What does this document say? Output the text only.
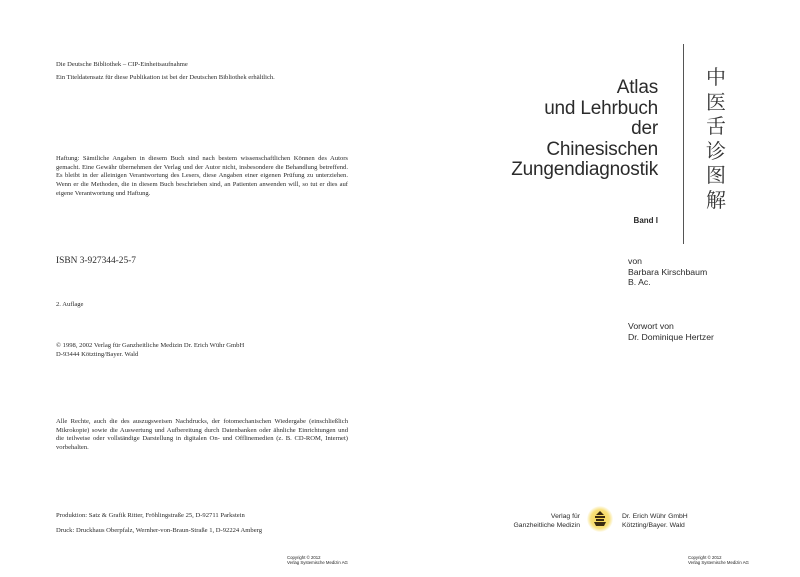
Die Deutsche Bibliothek – CIP-Einheitsaufnahme
Ein Titeldatensatz für diese Publikation ist bei der Deutschen Bibliothek erhältlich.
Haftung: Sämtliche Angaben in diesem Buch sind nach bestem wissenschaftlichen Können des Autors gemacht. Eine Gewähr übernehmen der Verlag und der Autor nicht, insbesondere die Behandlung betreffend. Es bleibt in der alleinigen Verantwortung des Lesers, diese Angaben einer eigenen Prüfung zu unterziehen. Wenn er die Methoden, die in diesem Buch beschrieben sind, an Patienten anwenden will, so tut er dies auf eigene Verantwortung und Haftung.
ISBN 3-927344-25-7
2. Auflage
© 1998, 2002 Verlag für Ganzheitliche Medizin Dr. Erich Wühr GmbH
D-93444 Kötzting/Bayer. Wald
Alle Rechte, auch die des auszugsweisen Nachdrucks, der fotomechanischen Wiedergabe (einschließlich Mikrokopie) sowie die Auswertung und Aufbereitung durch Datenbanken oder ähnliche Einrichtungen und die teilweise oder vollständige Darstellung in digitalen On- und Offlinemedien (z. B. CD-ROM, Internet) vorbehalten.
Produktion: Satz & Grafik Ritter, Fröhlingstraße 25, D-92711 Parkstein
Druck: Druckhaus Oberpfalz, Wernher-von-Braun-Straße 1, D-92224 Amberg
Copyright © 2012
Verlag Systemische Medizin AG
Atlas
und Lehrbuch
der
Chinesischen
Zungendiagnostik
Band I
中
医
舌
诊
图
解
von
Barbara Kirschbaum
B. Ac.
Vorwort von
Dr. Dominique Hertzer
Verlag für
Ganzheitliche Medizin
Dr. Erich Wühr GmbH
Kötzting/Bayer. Wald
Copyright © 2012
Verlag Systemische Medizin AG
